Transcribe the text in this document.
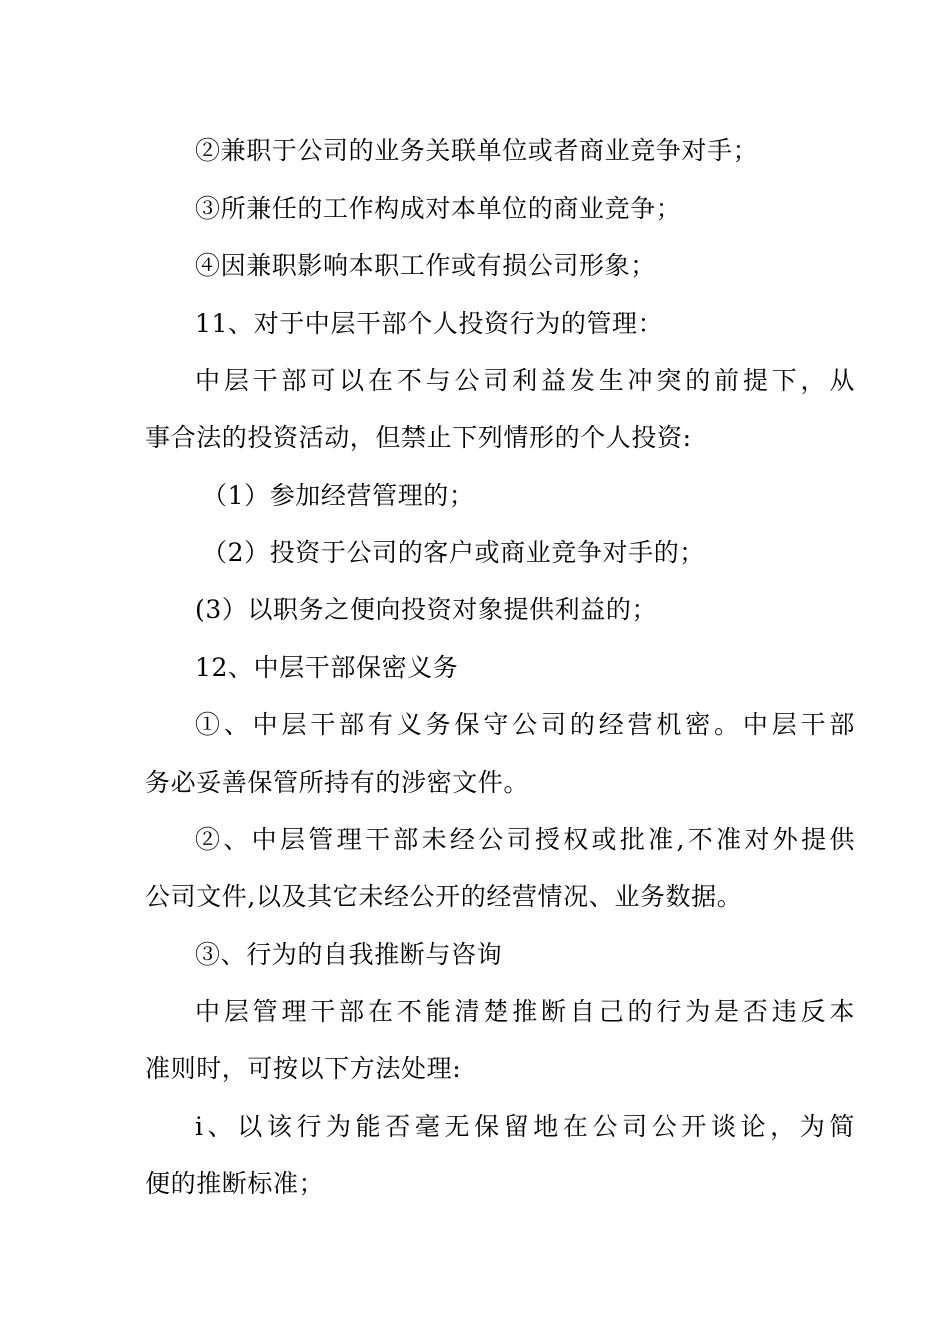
②兼职于公司的业务关联单位或者商业竞争对手；
③所兼任的工作构成对本单位的商业竞争；
④因兼职影响本职工作或有损公司形象；
11、对于中层干部个人投资行为的管理：
中层干部可以在不与公司利益发生冲突的前提下，从
事合法的投资活动，但禁止下列情形的个人投资:
（1）参加经营管理的；
（2）投资于公司的客户或商业竞争对手的；
(3）以职务之便向投资对象提供利益的；
12、中层干部保密义务
①、中层干部有义务保守公司的经营机密。中层干部
务必妥善保管所持有的涉密文件。
②、中层管理干部未经公司授权或批准,不准对外提供
公司文件,以及其它未经公开的经营情况、业务数据。
③、行为的自我推断与咨询
中层管理干部在不能清楚推断自己的行为是否违反本
准则时，可按以下方法处理:
ⅰ、以该行为能否毫无保留地在公司公开谈论，为简
便的推断标准；
